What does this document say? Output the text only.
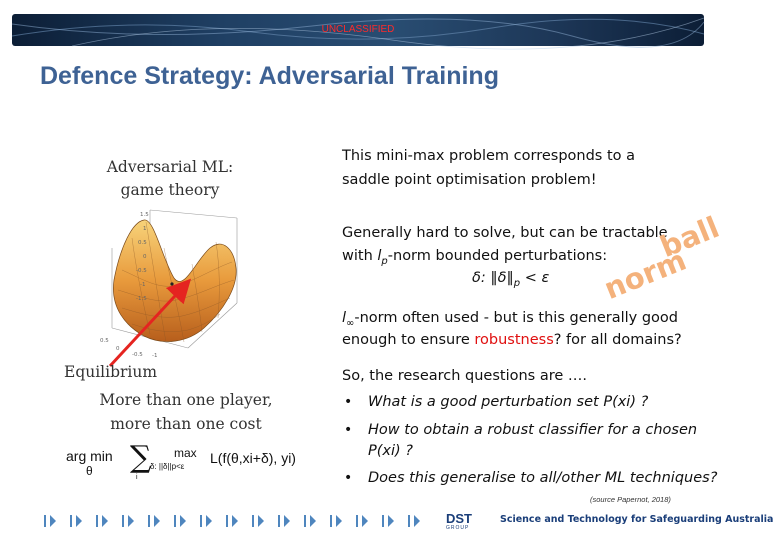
UNCLASSIFIED
Defence Strategy: Adversarial Training
Adversarial ML:
game theory
1.5
1
0.5
0
-0.5
-1
-1.5
0.5
0
-0.5 -1
Equilibrium
More than one player,
more than one cost
arg min
θ ∑
i
max
δ: ||δ||p<ε
L(f(θ,xi+δ), yi)
This mini-max problem corresponds to a
saddle point optimisation problem!
Generally hard to solve, but can be tractable
with $l_p$-norm bounded perturbations:
δ: $‖\delta‖_p < \varepsilon$ norm
ball
$l_\infty$-norm often used - but is this generally good
enough to ensure robustness? for all domains?
So, the research questions are ….
• What is a good perturbation set P(xi) ?
• How to obtain a robust classifier for a chosen
P(xi) ?
• Does this generalise to all/other ML techniques?
(source Papernot, 2018)
DST
GROUP
Science and Technology for Safeguarding Australia
